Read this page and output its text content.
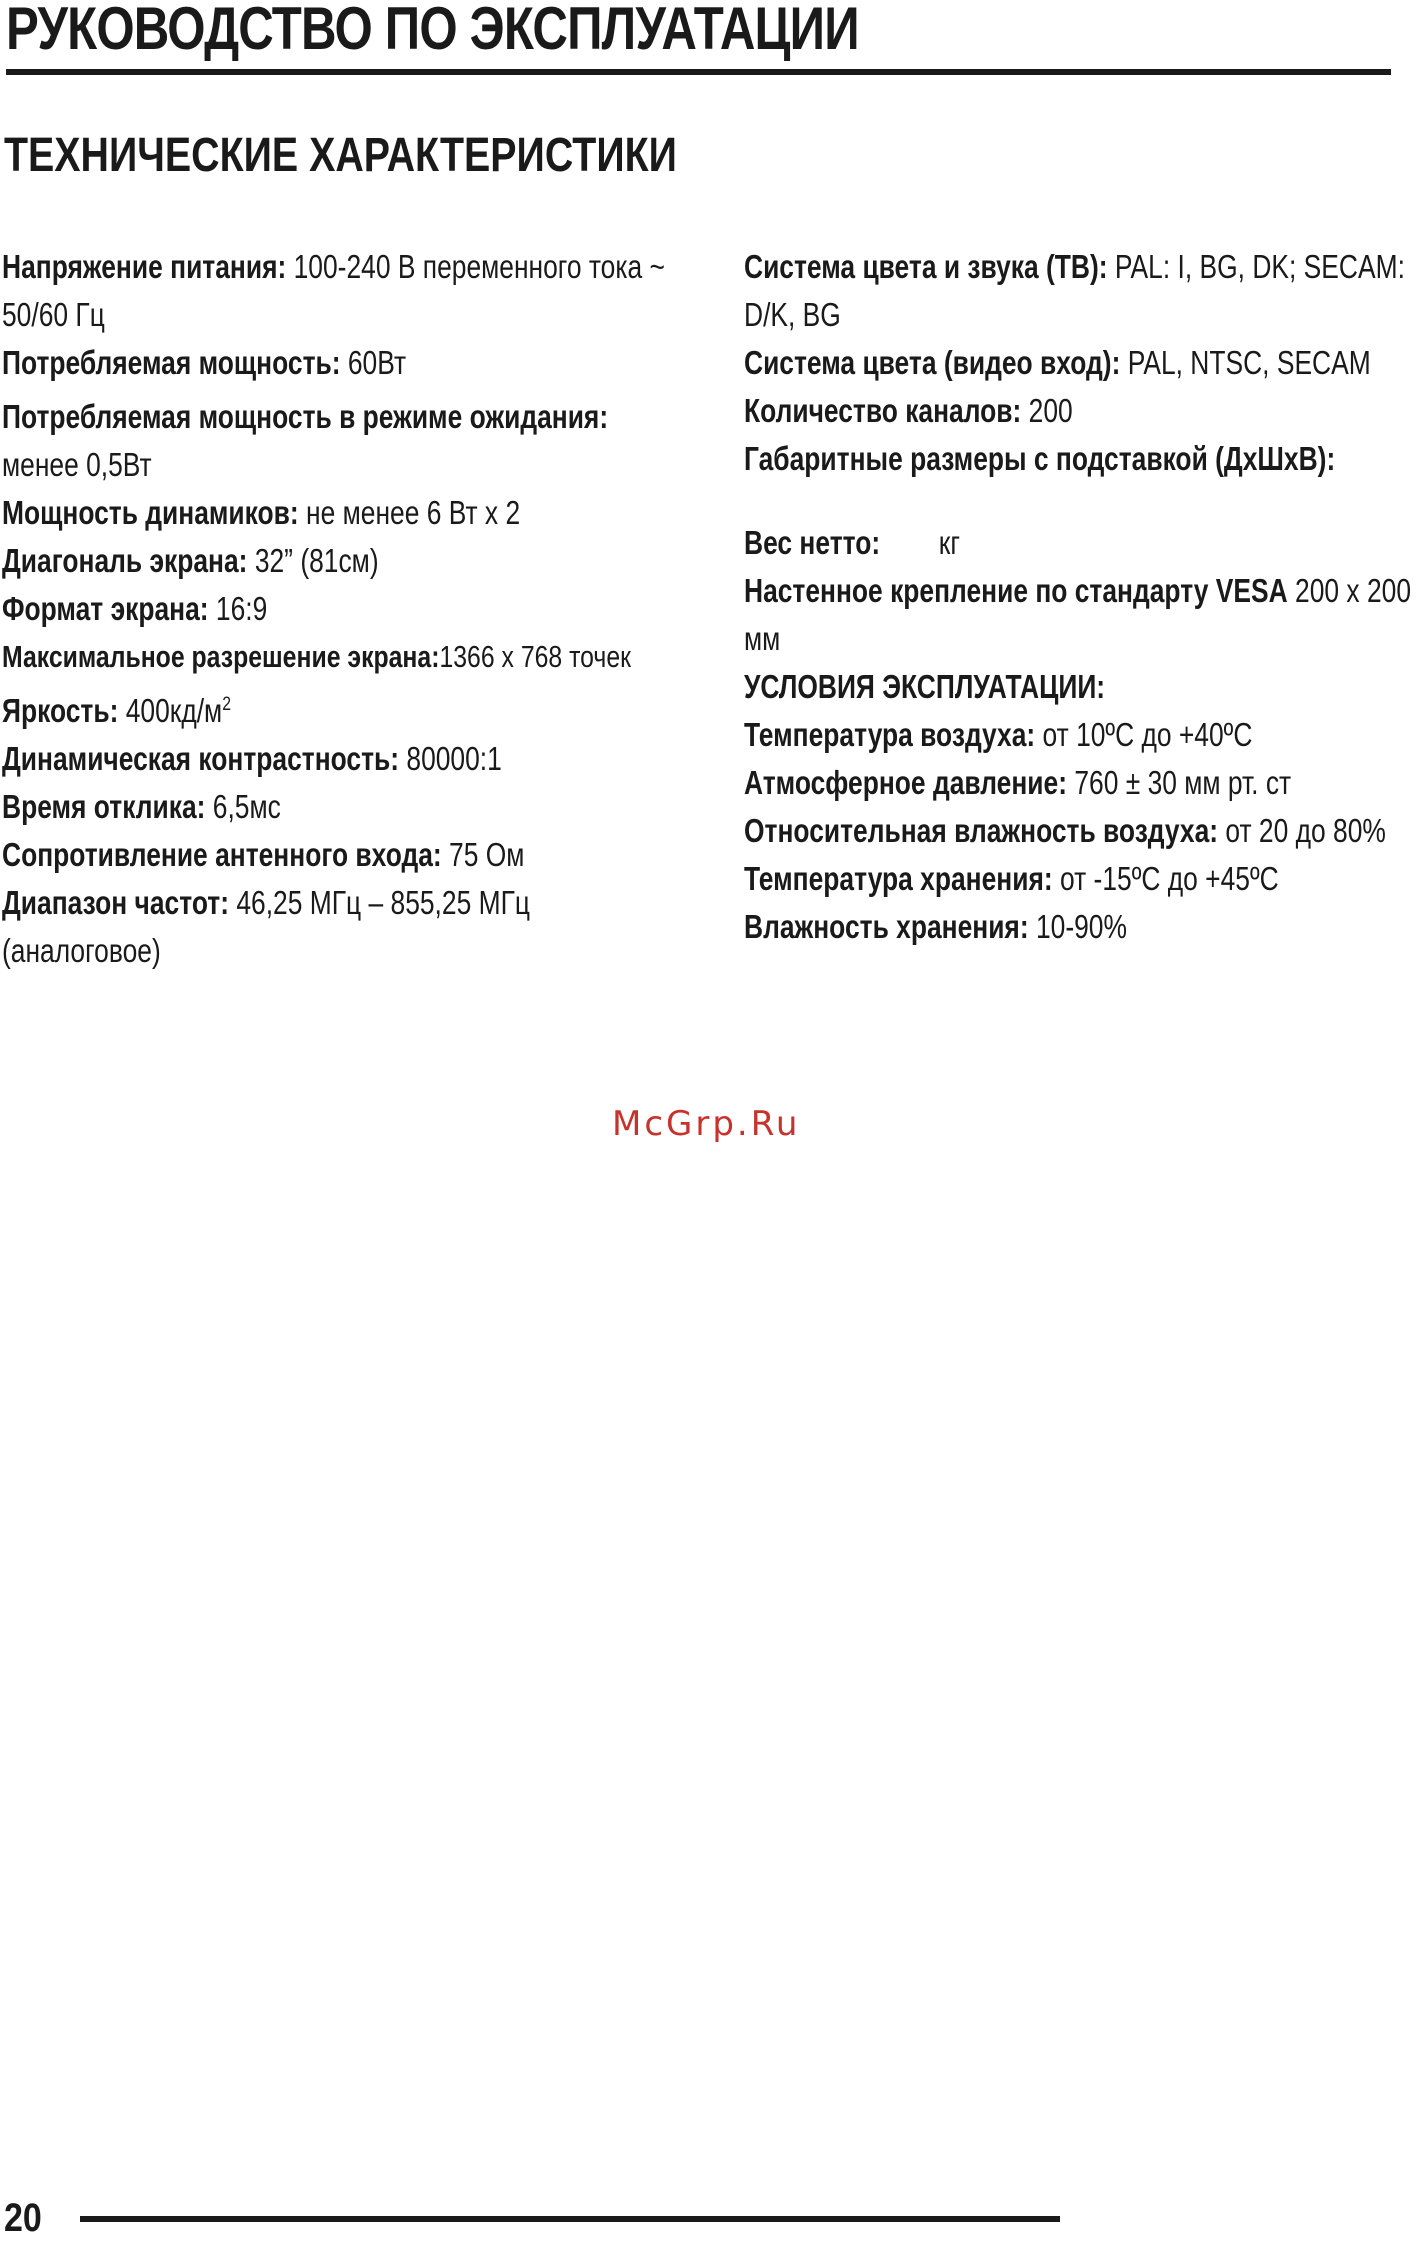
РУКОВОДСТВО ПО ЭКСПЛУАТАЦИИ
ТЕХНИЧЕСКИЕ ХАРАКТЕРИСТИКИ

Напряжение питания: 100-240 В переменного тока ~ 50/60 Гц

Потребляемая мощность: 60Вт

Потребляемая мощность в режиме ожидания: менее 0,5Вт

Мощность динамиков: не менее 6 Вт х 2

Диагональ экрана: 32” (81см)

Формат экрана: 16:9

Максимальное разрешение экрана:1366 х 768 точек

Яркость: $400кд/м^2$

Динамическая контрастность: 80000:1

Время отклика: 6,5мс

Сопротивление антенного входа: 75 Ом

Диапазон частот: 46,25 МГц – 855,25 МГц (аналоговое)

Система цвета и звука (ТВ): PAL: I, BG, DK; SECAM: D/K, BG

Система цвета (видео вход): PAL, NTSC, SECAM

Количество каналов: 200

Габаритные размеры с подставкой (ДхШхВ):

Вес нетто:        кг

Настенное крепление по стандарту VESA 200 х 200 мм

УСЛОВИЯ ЭКСПЛУАТАЦИИ:

Температура воздуха: от 10ºС до +40ºС

Атмосферное давление: 760 ± 30 мм рт. ст

Относительная влажность воздуха: от 20 до 80%

Температура хранения: от -15ºС до +45ºС

Влажность хранения: 10-90%

McGrp.Ru
20
